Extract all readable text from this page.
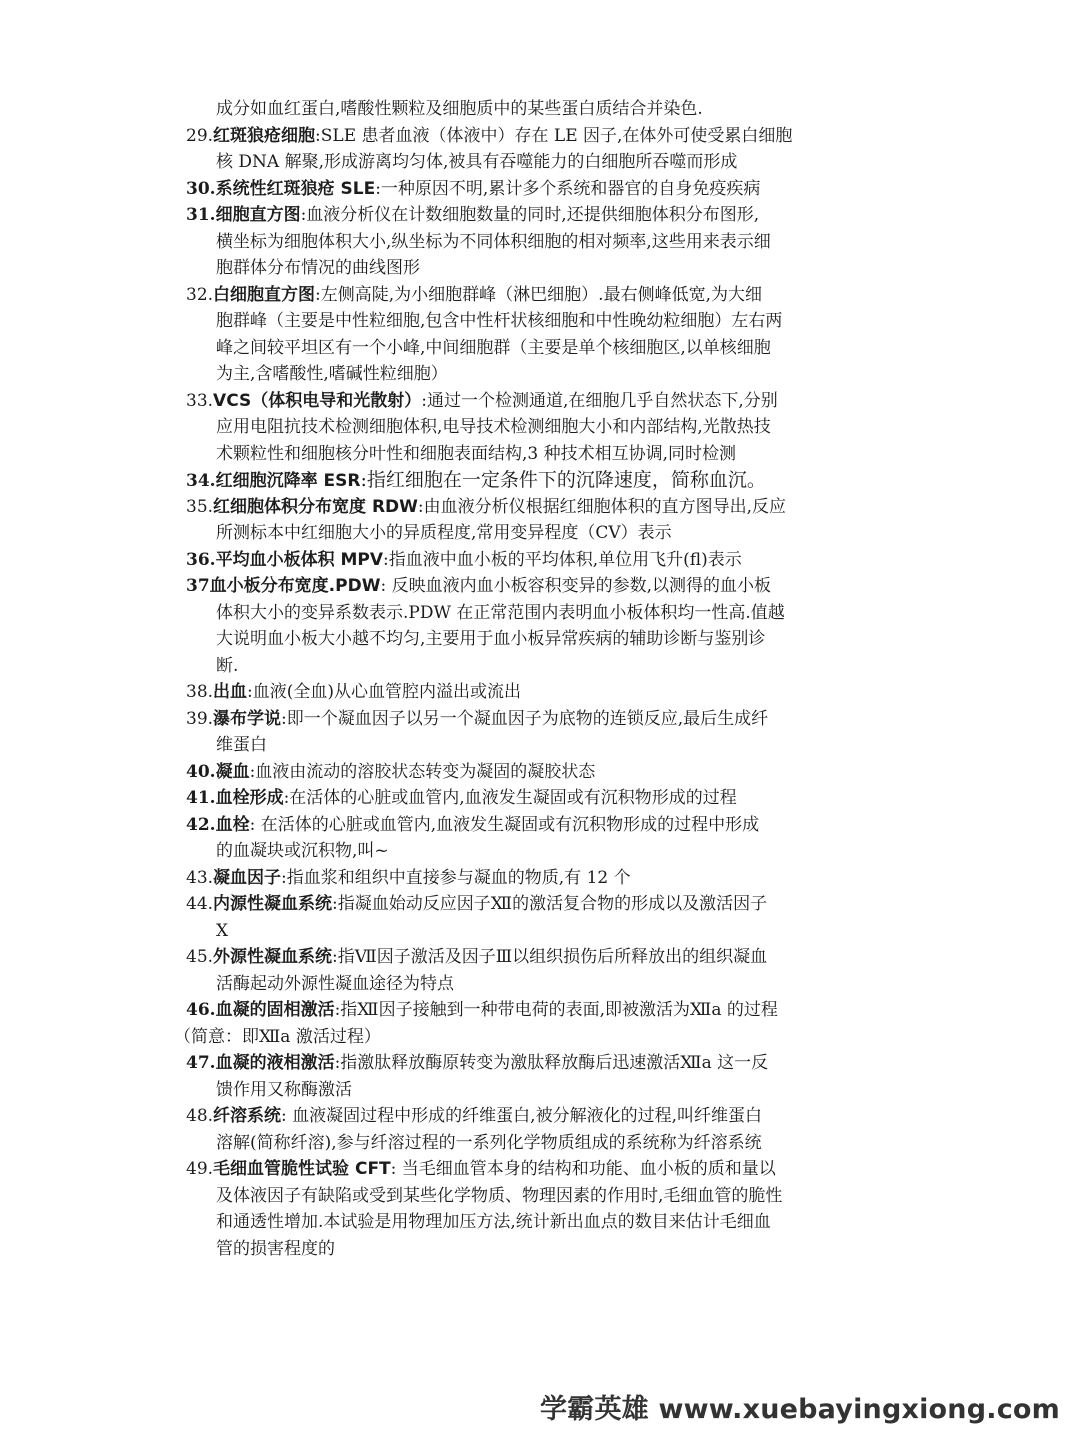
成分如血红蛋白,嗜酸性颗粒及细胞质中的某些蛋白质结合并染色.
29.红斑狼疮细胞:SLE 患者血液（体液中）存在 LE 因子,在体外可使受累白细胞
核 DNA 解聚,形成游离均匀体,被具有吞噬能力的白细胞所吞噬而形成
30.系统性红斑狼疮 SLE:一种原因不明,累计多个系统和器官的自身免疫疾病
31.细胞直方图:血液分析仪在计数细胞数量的同时,还提供细胞体积分布图形,
横坐标为细胞体积大小,纵坐标为不同体积细胞的相对频率,这些用来表示细
胞群体分布情况的曲线图形
32.白细胞直方图:左侧高陡,为小细胞群峰（淋巴细胞）.最右侧峰低宽,为大细
胞群峰（主要是中性粒细胞,包含中性杆状核细胞和中性晚幼粒细胞）左右两
峰之间较平坦区有一个小峰,中间细胞群（主要是单个核细胞区,以单核细胞
为主,含嗜酸性,嗜碱性粒细胞）
33.VCS（体积电导和光散射）:通过一个检测通道,在细胞几乎自然状态下,分别
应用电阻抗技术检测细胞体积,电导技术检测细胞大小和内部结构,光散热技
术颗粒性和细胞核分叶性和细胞表面结构,3 种技术相互协调,同时检测
34.红细胞沉降率 ESR:指红细胞在一定条件下的沉降速度，简称血沉。
35.红细胞体积分布宽度 RDW:由血液分析仪根据红细胞体积的直方图导出,反应
所测标本中红细胞大小的异质程度,常用变异程度（CV）表示
36.平均血小板体积 MPV:指血液中血小板的平均体积,单位用飞升(fl)表示
37血小板分布宽度.PDW: 反映血液内血小板容积变异的参数,以测得的血小板
体积大小的变异系数表示.PDW 在正常范围内表明血小板体积均一性高.值越
大说明血小板大小越不均匀,主要用于血小板异常疾病的辅助诊断与鉴别诊
断.
38.出血:血液(全血)从心血管腔内溢出或流出
39.瀑布学说:即一个凝血因子以另一个凝血因子为底物的连锁反应,最后生成纤
维蛋白
40.凝血:血液由流动的溶胶状态转变为凝固的凝胶状态
41.血栓形成:在活体的心脏或血管内,血液发生凝固或有沉积物形成的过程
42.血栓: 在活体的心脏或血管内,血液发生凝固或有沉积物形成的过程中形成
的血凝块或沉积物,叫~
43.凝血因子:指血浆和组织中直接参与凝血的物质,有 12 个
44.内源性凝血系统:指凝血始动反应因子Ⅻ的激活复合物的形成以及激活因子
Ⅹ
45.外源性凝血系统:指Ⅶ因子激活及因子Ⅲ以组织损伤后所释放出的组织凝血
活酶起动外源性凝血途径为特点
46.血凝的固相激活:指Ⅻ因子接触到一种带电荷的表面,即被激活为Ⅻa 的过程
（简意：即Ⅻa 激活过程）
47.血凝的液相激活:指激肽释放酶原转变为激肽释放酶后迅速激活Ⅻa 这一反
馈作用又称酶激活
48.纤溶系统: 血液凝固过程中形成的纤维蛋白,被分解液化的过程,叫纤维蛋白
溶解(简称纤溶),参与纤溶过程的一系列化学物质组成的系统称为纤溶系统
49.毛细血管脆性试验 CFT: 当毛细血管本身的结构和功能、血小板的质和量以
及体液因子有缺陷或受到某些化学物质、物理因素的作用时,毛细血管的脆性
和通透性增加.本试验是用物理加压方法,统计新出血点的数目来估计毛细血
管的损害程度的
学霸英雄 www.xuebayingxiong.com
